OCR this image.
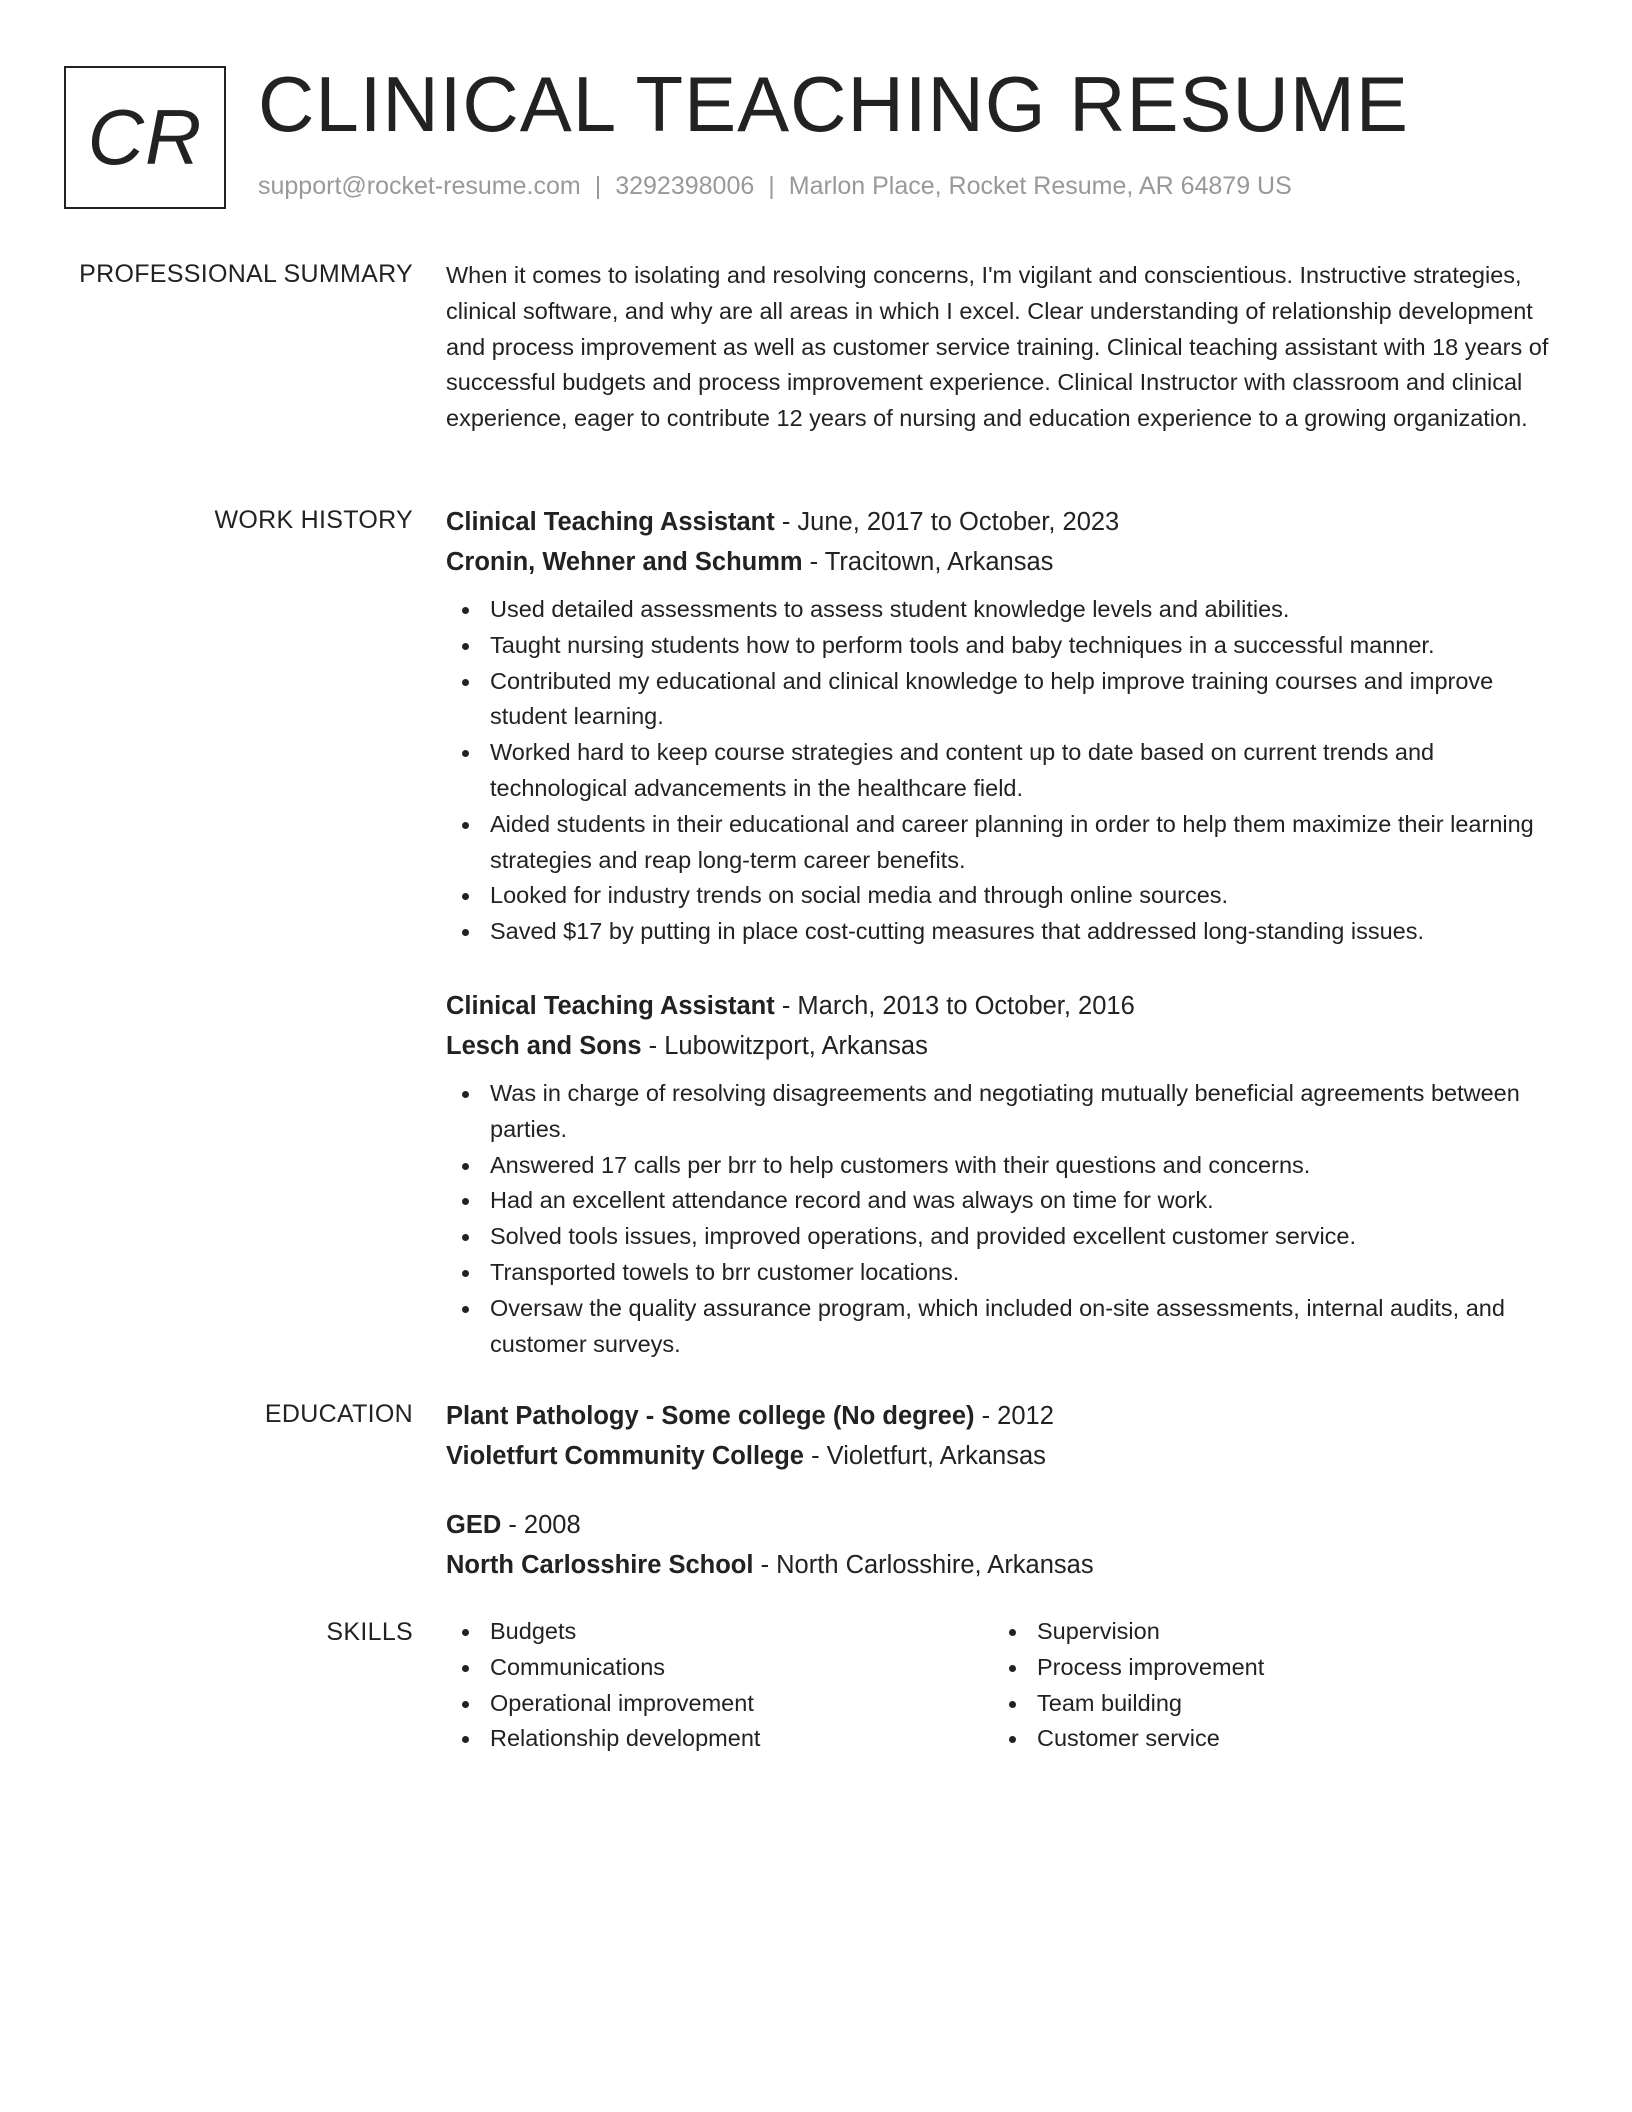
CR CLINICAL TEACHING RESUME
support@rocket-resume.com | 3292398006 | Marlon Place, Rocket Resume, AR 64879 US
PROFESSIONAL SUMMARY When it comes to isolating and resolving concerns, I'm vigilant and conscientious. Instructive strategies, clinical software, and why are all areas in which I excel. Clear understanding of relationship development and process improvement as well as customer service training. Clinical teaching assistant with 18 years of successful budgets and process improvement experience. Clinical Instructor with classroom and clinical experience, eager to contribute 12 years of nursing and education experience to a growing organization.

WORK HISTORY Clinical Teaching Assistant - June, 2017 to October, 2023
Cronin, Wehner and Schumm - Tracitown, Arkansas
Used detailed assessments to assess student knowledge levels and abilities.
Taught nursing students how to perform tools and baby techniques in a successful manner.
Contributed my educational and clinical knowledge to help improve training courses and improve student learning.
Worked hard to keep course strategies and content up to date based on current trends and technological advancements in the healthcare field.
Aided students in their educational and career planning in order to help them maximize their learning strategies and reap long-term career benefits.
Looked for industry trends on social media and through online sources.
Saved $17 by putting in place cost-cutting measures that addressed long-standing issues.
Clinical Teaching Assistant - March, 2013 to October, 2016
Lesch and Sons - Lubowitzport, Arkansas
Was in charge of resolving disagreements and negotiating mutually beneficial agreements between parties.
Answered 17 calls per brr to help customers with their questions and concerns.
Had an excellent attendance record and was always on time for work.
Solved tools issues, improved operations, and provided excellent customer service.
Transported towels to brr customer locations.
Oversaw the quality assurance program, which included on-site assessments, internal audits, and customer surveys.
EDUCATION Plant Pathology - Some college (No degree) - 2012
Violetfurt Community College - Violetfurt, Arkansas
GED - 2008
North Carlosshire School - North Carlosshire, Arkansas
SKILLS	Budgets
Communications
Operational improvement
Relationship development
Supervision
Process improvement
Team building
Customer service
